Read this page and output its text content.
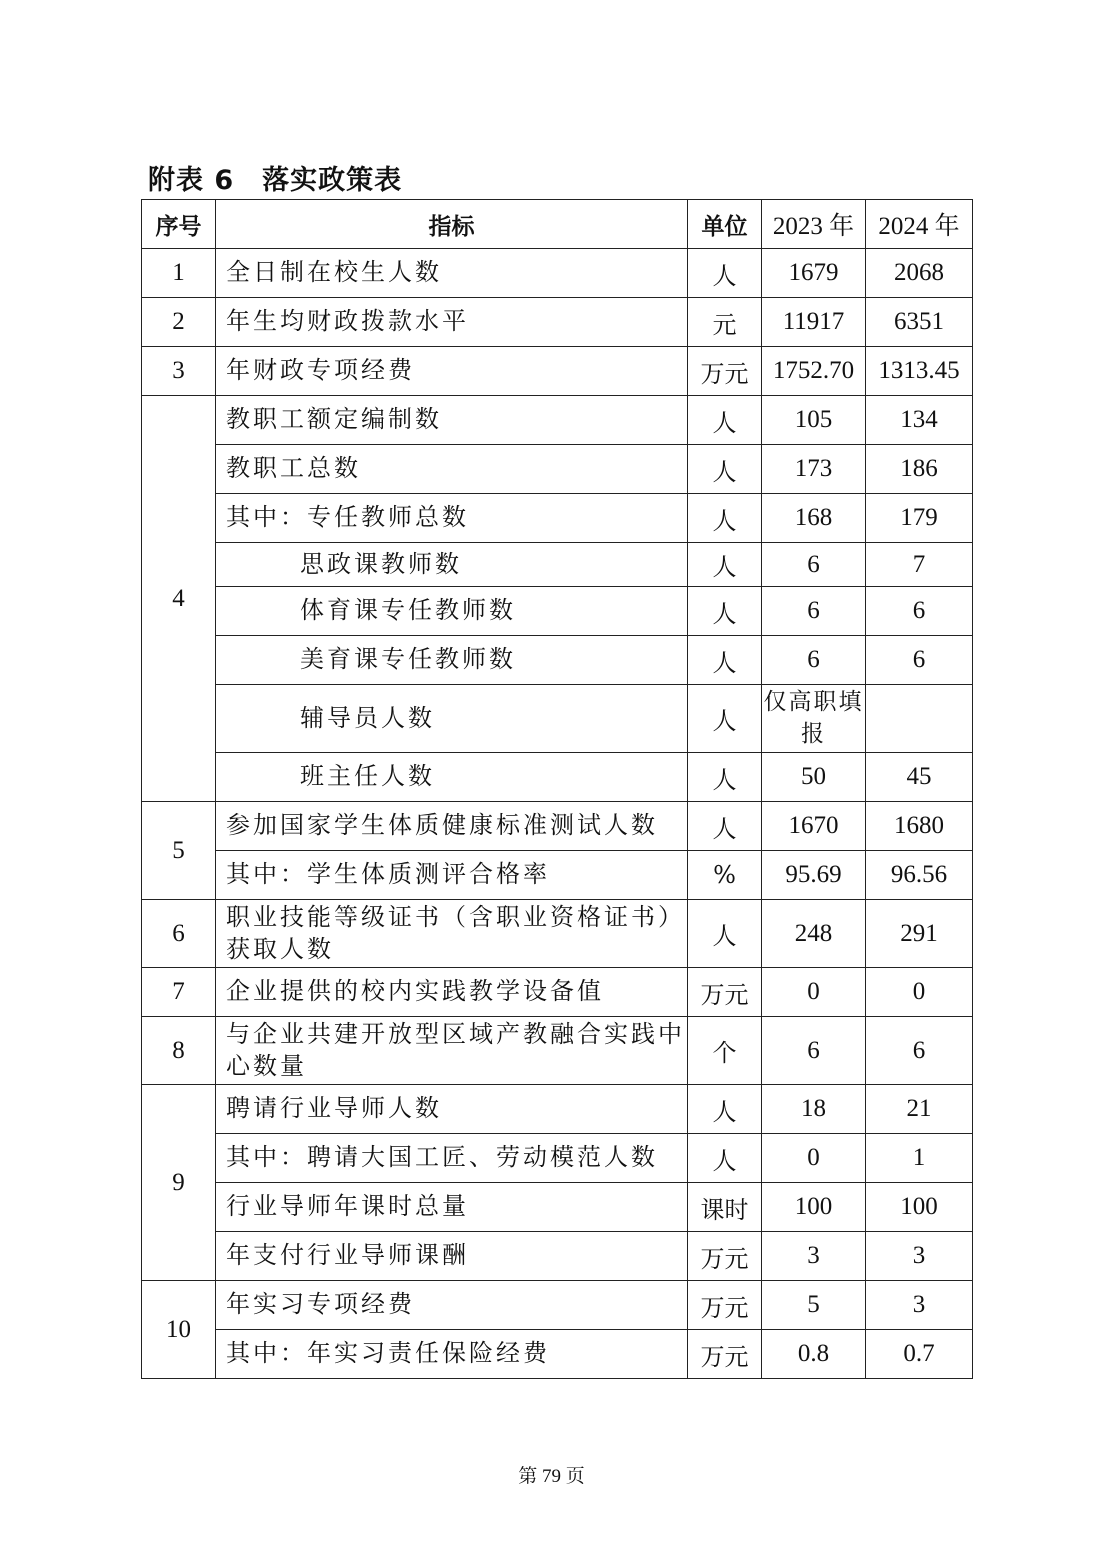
附表 6　落实政策表
序号	指标	单位	2023 年	2024 年
1	全日制在校生人数	人	1679	2068
2	年生均财政拨款水平	元	11917	6351
3	年财政专项经费	万元	1752.70	1313.45
4	教职工额定编制数	人	105	134
	教职工总数	人	173	186
	其中：专任教师总数	人	168	179
	思政课教师数	人	6	7
	体育课专任教师数	人	6	6
	美育课专任教师数	人	6	6
	辅导员人数	人	仅高职填报	
	班主任人数	人	50	45
5	参加国家学生体质健康标准测试人数	人	1670	1680
	其中：学生体质测评合格率	%	95.69	96.56
6	职业技能等级证书（含职业资格证书）获取人数	人	248	291
7	企业提供的校内实践教学设备值	万元	0	0
8	与企业共建开放型区域产教融合实践中心数量	个	6	6
9	聘请行业导师人数	人	18	21
	其中：聘请大国工匠、劳动模范人数	人	0	1
	行业导师年课时总量	课时	100	100
	年支付行业导师课酬	万元	3	3
10	年实习专项经费	万元	5	3
	其中：年实习责任保险经费	万元	0.8	0.7
第 79 页
